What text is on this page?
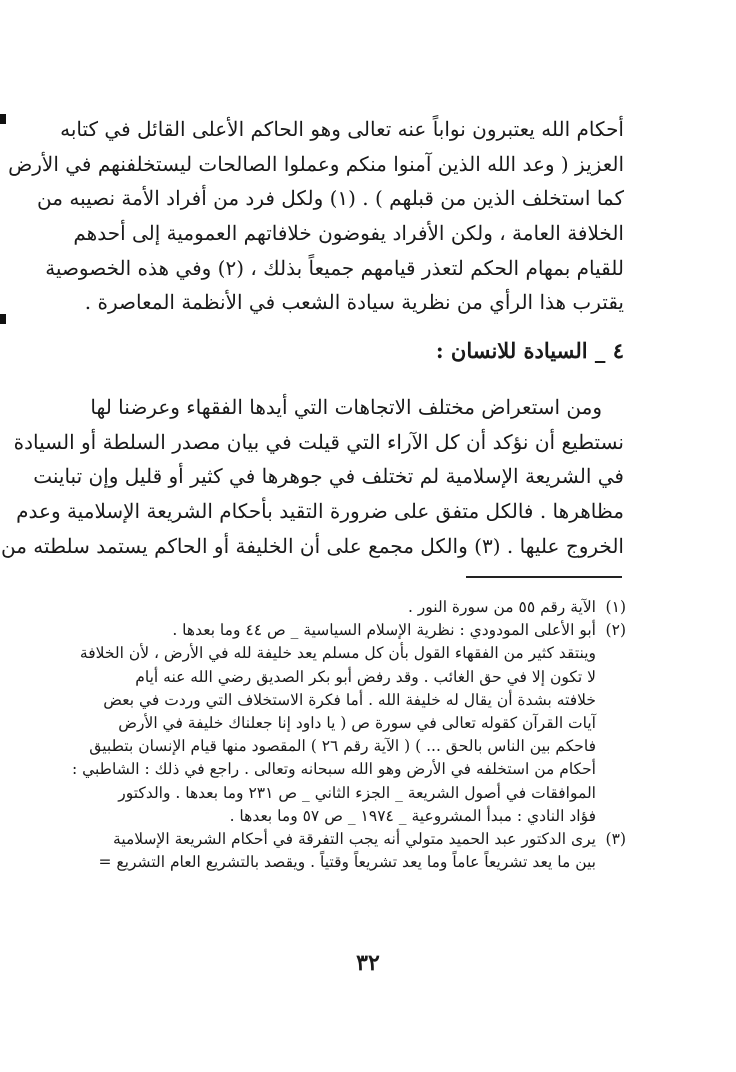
أحكام الله يعتبرون نواباً عنه تعالى وهو الحاكم الأعلى القائل في كتابه
العزيز ( وعد الله الذين آمنوا منكم وعملوا الصالحات ليستخلفنهم في الأرض
كما استخلف الذين من قبلهم ) . (١) ولكل فرد من أفراد الأمة نصيبه من
الخلافة العامة ، ولكن الأفراد يفوضون خلافاتهم العمومية إلى أحدهم
للقيام بمهام الحكم لتعذر قيامهم جميعاً بذلك ، (٢) وفي هذه الخصوصية
يقترب هذا الرأي من نظرية سيادة الشعب في الأنظمة المعاصرة .
٤ _ السيادة للانسان :
ومن استعراض مختلف الاتجاهات التي أيدها الفقهاء وعرضنا لها
نستطيع أن نؤكد أن كل الآراء التي قيلت في بيان مصدر السلطة أو السيادة
في الشريعة الإسلامية لم تختلف في جوهرها في كثير أو قليل وإن تباينت
مظاهرها . فالكل متفق على ضرورة التقيد بأحكام الشريعة الإسلامية وعدم
الخروج عليها . (٣) والكل مجمع على أن الخليفة أو الحاكم يستمد سلطته من
(١)
الآية رقم ٥٥ من سورة النور .
(٢)
أبو الأعلى المودودي : نظرية الإسلام السياسية _ ص ٤٤ وما بعدها .
وينتقد كثير من الفقهاء القول بأن كل مسلم يعد خليفة لله في الأرض ، لأن الخلافة
لا تكون إلا في حق الغائب . وقد رفض أبو بكر الصديق رضي الله عنه أيام
خلافته بشدة أن يقال له خليفة الله . أما فكرة الاستخلاف التي وردت في بعض
آيات القرآن كقوله تعالى في سورة ص ( يا داود إنا جعلناك خليفة في الأرض
فاحكم بين الناس بالحق ... ) ( الآية رقم ٢٦ ) المقصود منها قيام الإنسان بتطبيق
أحكام من استخلفه في الأرض وهو الله سبحانه وتعالى . راجع في ذلك : الشاطبي :
الموافقات في أصول الشريعة _ الجزء الثاني _ ص ٢٣١ وما بعدها . والدكتور
فؤاد النادي : مبدأ المشروعية _ ١٩٧٤ _ ص ٥٧ وما بعدها .
(٣)
يرى الدكتور عبد الحميد متولي أنه يجب التفرقة في أحكام الشريعة الإسلامية
بين ما يعد تشريعاً عاماً وما يعد تشريعاً وقتياً . ويقصد بالتشريع العام التشريع =
٣٢
